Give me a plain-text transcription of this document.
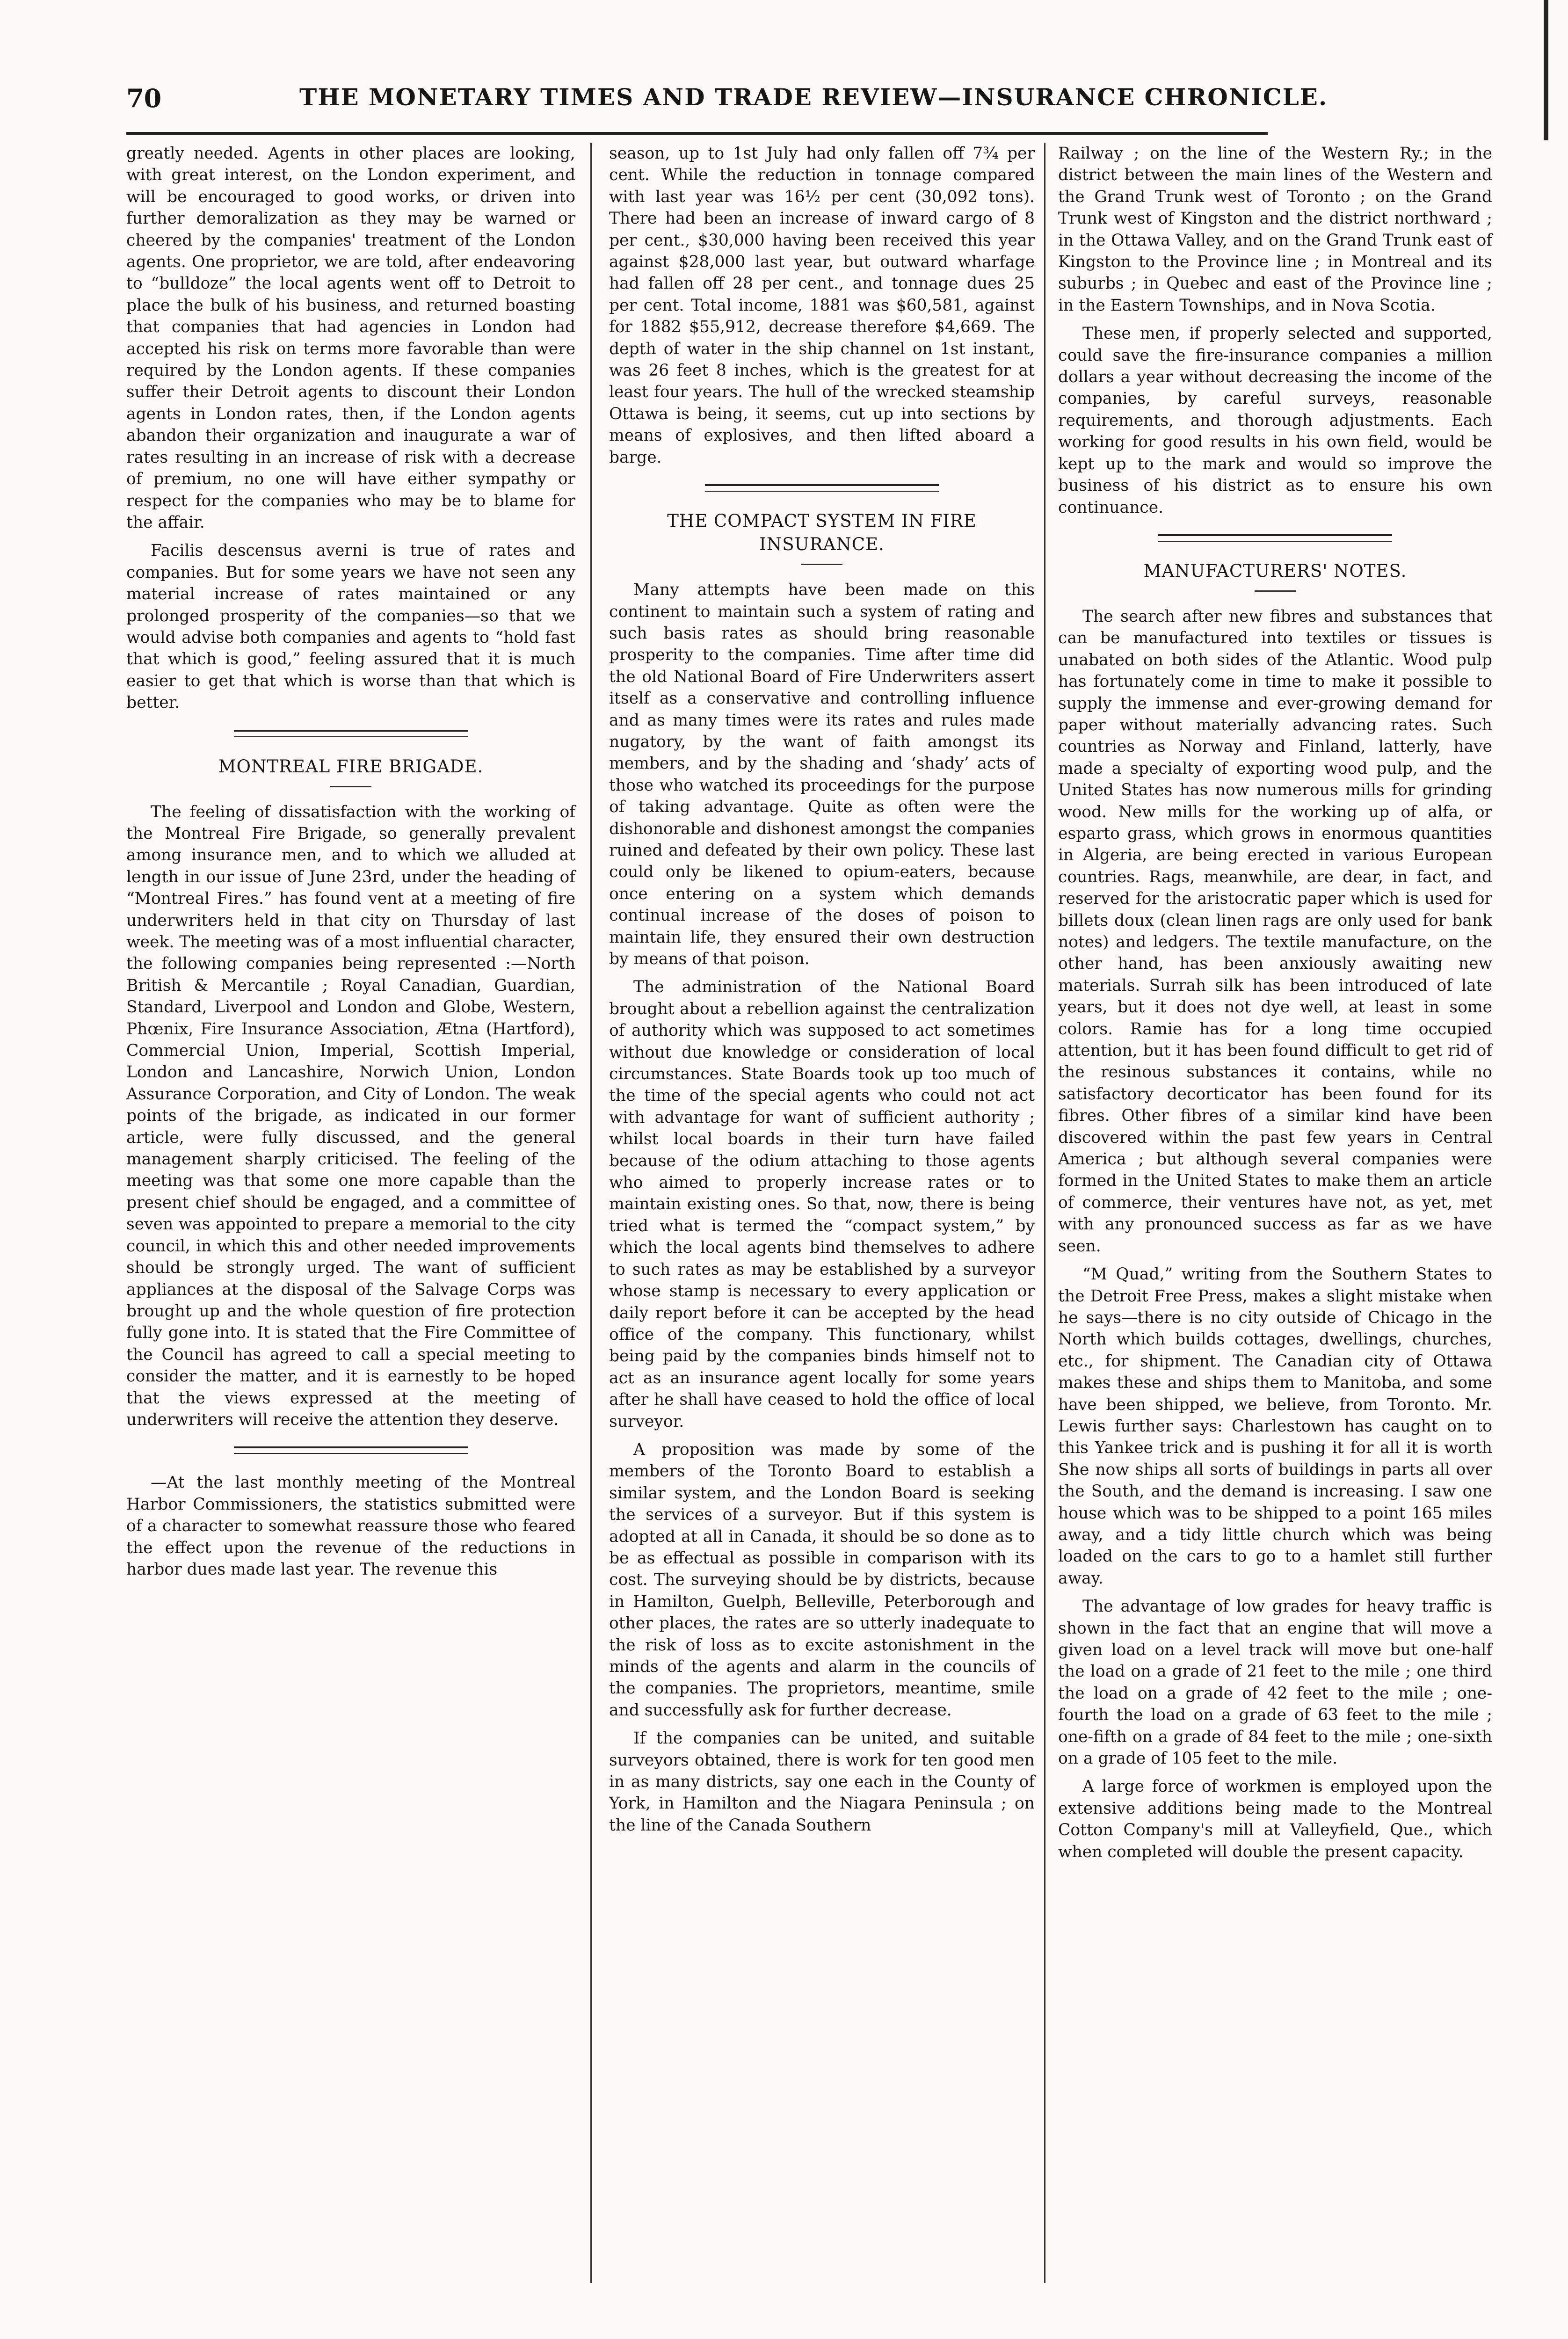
70	THE MONETARY TIMES AND TRADE REVIEW—INSURANCE CHRONICLE.

greatly needed. Agents in other places are looking, with great interest, on the London experiment, and will be encouraged to good works, or driven into further demoralization as they may be warned or cheered by the companies' treatment of the London agents. One proprietor, we are told, after endeavoring to “bulldoze” the local agents went off to Detroit to place the bulk of his business, and returned boasting that companies that had agencies in London had accepted his risk on terms more favorable than were required by the London agents. If these companies suffer their Detroit agents to discount their London agents in London rates, then, if the London agents abandon their organization and inaugurate a war of rates resulting in an increase of risk with a decrease of premium, no one will have either sympathy or respect for the companies who may be to blame for the affair.

Facilis descensus averni is true of rates and companies. But for some years we have not seen any material increase of rates maintained or any prolonged prosperity of the companies—so that we would advise both companies and agents to “hold fast that which is good,” feeling assured that it is much easier to get that which is worse than that which is better.

MONTREAL FIRE BRIGADE.

The feeling of dissatisfaction with the working of the Montreal Fire Brigade, so generally prevalent among insurance men, and to which we alluded at length in our issue of June 23rd, under the heading of “Montreal Fires.” has found vent at a meeting of fire underwriters held in that city on Thursday of last week. The meeting was of a most influential character, the following companies being represented :—North British & Mercantile ; Royal Canadian, Guardian, Standard, Liverpool and London and Globe, Western, Phœnix, Fire Insurance Association, Ætna (Hartford), Commercial Union, Imperial, Scottish Imperial, London and Lancashire, Norwich Union, London Assurance Corporation, and City of London. The weak points of the brigade, as indicated in our former article, were fully discussed, and the general management sharply criticised. The feeling of the meeting was that some one more capable than the present chief should be engaged, and a committee of seven was appointed to prepare a memorial to the city council, in which this and other needed improvements should be strongly urged. The want of sufficient appliances at the disposal of the Salvage Corps was brought up and the whole question of fire protection fully gone into. It is stated that the Fire Committee of the Council has agreed to call a special meeting to consider the matter, and it is earnestly to be hoped that the views expressed at the meeting of underwriters will receive the attention they deserve.

—At the last monthly meeting of the Montreal Harbor Commissioners, the statistics submitted were of a character to somewhat reassure those who feared the effect upon the revenue of the reductions in harbor dues made last year. The revenue this

season, up to 1st July had only fallen off 7¾ per cent. While the reduction in tonnage compared with last year was 16½ per cent (30,092 tons). There had been an increase of inward cargo of 8 per cent., $30,000 having been received this year against $28,000 last year, but outward wharfage had fallen off 28 per cent., and tonnage dues 25 per cent. Total income, 1881 was $60,581, against for 1882 $55,912, decrease therefore $4,669. The depth of water in the ship channel on 1st instant, was 26 feet 8 inches, which is the greatest for at least four years. The hull of the wrecked steamship Ottawa is being, it seems, cut up into sections by means of explosives, and then lifted aboard a barge.

THE COMPACT SYSTEM IN FIRE INSURANCE.

Many attempts have been made on this continent to maintain such a system of rating and such basis rates as should bring reasonable prosperity to the companies. Time after time did the old National Board of Fire Underwriters assert itself as a conservative and controlling influence and as many times were its rates and rules made nugatory, by the want of faith amongst its members, and by the shading and ‘shady’ acts of those who watched its proceedings for the purpose of taking advantage. Quite as often were the dishonorable and dishonest amongst the companies ruined and defeated by their own policy. These last could only be likened to opium-eaters, because once entering on a system which demands continual increase of the doses of poison to maintain life, they ensured their own destruction by means of that poison.

The administration of the National Board brought about a rebellion against the centralization of authority which was supposed to act sometimes without due knowledge or consideration of local circumstances. State Boards took up too much of the time of the special agents who could not act with advantage for want of sufficient authority ; whilst local boards in their turn have failed because of the odium attaching to those agents who aimed to properly increase rates or to maintain existing ones. So that, now, there is being tried what is termed the “compact system,” by which the local agents bind themselves to adhere to such rates as may be established by a surveyor whose stamp is necessary to every application or daily report before it can be accepted by the head office of the company. This functionary, whilst being paid by the companies binds himself not to act as an insurance agent locally for some years after he shall have ceased to hold the office of local surveyor.

A proposition was made by some of the members of the Toronto Board to establish a similar system, and the London Board is seeking the services of a surveyor. But if this system is adopted at all in Canada, it should be so done as to be as effectual as possible in comparison with its cost. The surveying should be by districts, because in Hamilton, Guelph, Belleville, Peterborough and other places, the rates are so utterly inadequate to the risk of loss as to excite astonishment in the minds of the agents and alarm in the councils of the companies. The proprietors, meantime, smile and successfully ask for further decrease.

If the companies can be united, and suitable surveyors obtained, there is work for ten good men in as many districts, say one each in the County of York, in Hamilton and the Niagara Peninsula ; on the line of the Canada Southern

Railway ; on the line of the Western Ry.; in the district between the main lines of the Western and the Grand Trunk west of Toronto ; on the Grand Trunk west of Kingston and the district northward ; in the Ottawa Valley, and on the Grand Trunk east of Kingston to the Province line ; in Montreal and its suburbs ; in Quebec and east of the Province line ; in the Eastern Townships, and in Nova Scotia.

These men, if properly selected and supported, could save the fire-insurance companies a million dollars a year without decreasing the income of the companies, by careful surveys, reasonable requirements, and thorough adjustments. Each working for good results in his own field, would be kept up to the mark and would so improve the business of his district as to ensure his own continuance.

MANUFACTURERS' NOTES.

The search after new fibres and substances that can be manufactured into textiles or tissues is unabated on both sides of the Atlantic. Wood pulp has fortunately come in time to make it possible to supply the immense and ever-growing demand for paper without materially advancing rates. Such countries as Norway and Finland, latterly, have made a specialty of exporting wood pulp, and the United States has now numerous mills for grinding wood. New mills for the working up of alfa, or esparto grass, which grows in enormous quantities in Algeria, are being erected in various European countries. Rags, meanwhile, are dear, in fact, and reserved for the aristocratic paper which is used for billets doux (clean linen rags are only used for bank notes) and ledgers. The textile manufacture, on the other hand, has been anxiously awaiting new materials. Surrah silk has been introduced of late years, but it does not dye well, at least in some colors. Ramie has for a long time occupied attention, but it has been found difficult to get rid of the resinous substances it contains, while no satisfactory decorticator has been found for its fibres. Other fibres of a similar kind have been discovered within the past few years in Central America ; but although several companies were formed in the United States to make them an article of commerce, their ventures have not, as yet, met with any pronounced success as far as we have seen.

“M Quad,” writing from the Southern States to the Detroit Free Press, makes a slight mistake when he says—there is no city outside of Chicago in the North which builds cottages, dwellings, churches, etc., for shipment. The Canadian city of Ottawa makes these and ships them to Manitoba, and some have been shipped, we believe, from Toronto. Mr. Lewis further says: Charlestown has caught on to this Yankee trick and is pushing it for all it is worth She now ships all sorts of buildings in parts all over the South, and the demand is increasing. I saw one house which was to be shipped to a point 165 miles away, and a tidy little church which was being loaded on the cars to go to a hamlet still further away.

The advantage of low grades for heavy traffic is shown in the fact that an engine that will move a given load on a level track will move but one-half the load on a grade of 21 feet to the mile ; one third the load on a grade of 42 feet to the mile ; one-fourth the load on a grade of 63 feet to the mile ; one-fifth on a grade of 84 feet to the mile ; one-sixth on a grade of 105 feet to the mile.

A large force of workmen is employed upon the extensive additions being made to the Montreal Cotton Company's mill at Valleyfield, Que., which when completed will double the present capacity.
